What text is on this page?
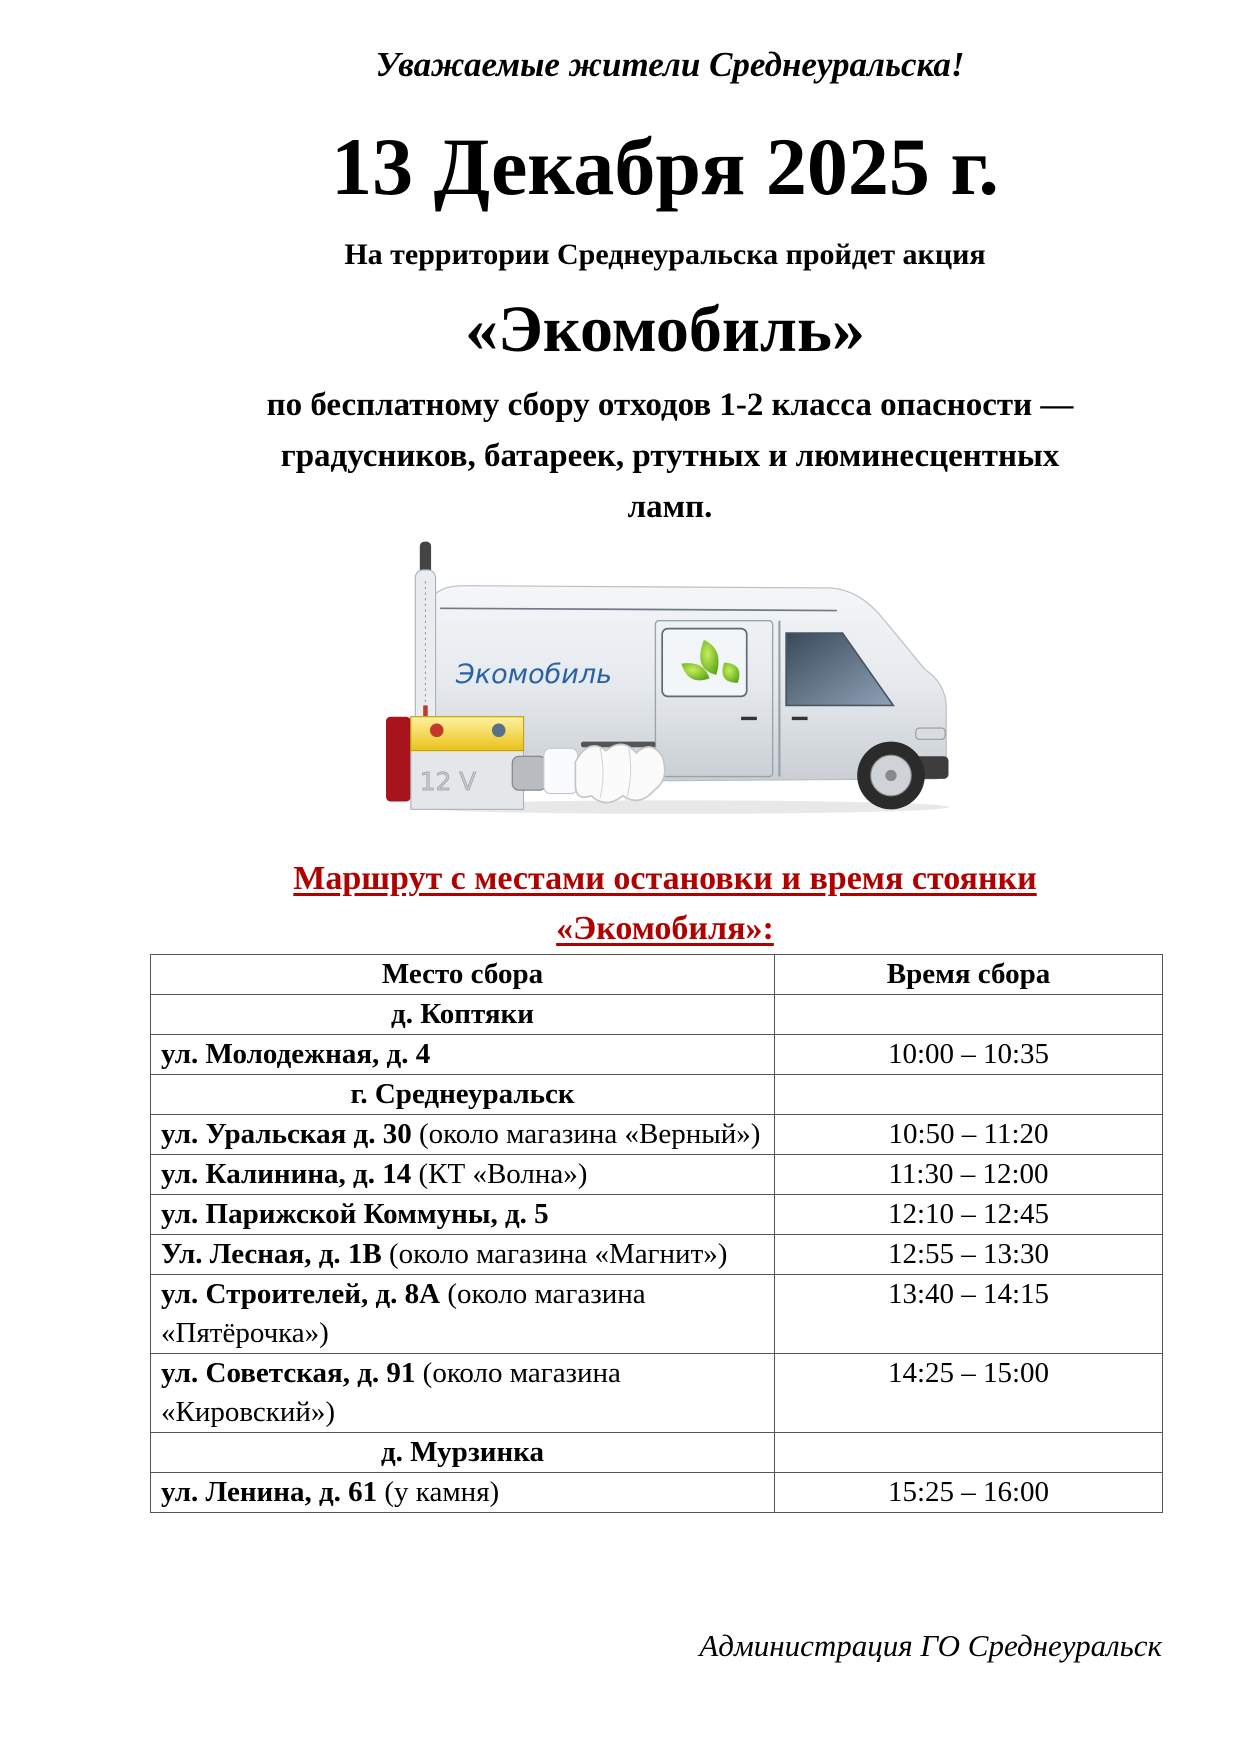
Уважаемые жители Среднеуральска!
13 Декабря 2025 г.
На территории Среднеуральска пройдет акция
«Экомобиль»
по бесплатному сбору отходов 1-2 класса опасности —
градусников, батареек, ртутных и люминесцентных
ламп.
Экомобиль
12 V
Маршрут с местами остановки и время стоянки
«Экомобиля»:
Место сбора	Время сбора
д. Коптяки	
ул. Молодежная, д. 4	10:00 – 10:35
г. Среднеуральск	
ул. Уральская д. 30 (около магазина «Верный»)	10:50 – 11:20
ул. Калинина, д. 14 (КТ «Волна»)	11:30 – 12:00
ул. Парижской Коммуны, д. 5	12:10 – 12:45
Ул. Лесная, д. 1В (около магазина «Магнит»)	12:55 – 13:30
ул. Строителей, д. 8А (около магазина «Пятёрочка»)	13:40 – 14:15
ул. Советская, д. 91 (около магазина «Кировский»)	14:25 – 15:00
д. Мурзинка	
ул. Ленина, д. 61 (у камня)	15:25 – 16:00
Администрация ГО Среднеуральск
